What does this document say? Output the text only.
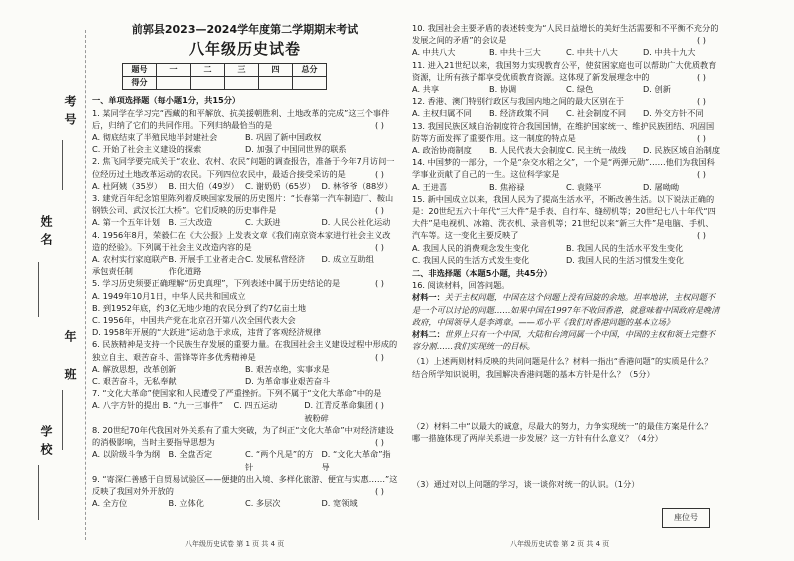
考号
姓名
年
班
学校
前郭县2023—2024学年度第二学期期末考试
八年级历史试卷
题号	一	二	三	四	总分
得分					
一、单项选择题（每小题1分，共15分）
1. 某同学在学习完“西藏的和平解放、抗美援朝胜利、土地改革的完成”这三个事件后，归纳了它们的共同作用。下列归纳最恰当的是	( )
A. 彻底结束了半殖民地半封建社会	B. 巩固了新中国政权
C. 开始了社会主义建设的探索	D. 加强了中国同世界的联系
2. 焦飞同学要完成关于“农业、农村、农民”问题的调查报告，准备于今年7月访问一位经历过土地改革运动的农民。下列四位农民中，最适合接受采访的是	( )
A. 杜阿姨（35岁） B. 田大伯（49岁） C. 谢奶奶（65岁） D. 林爷爷（88岁）
3. 建党百年纪念馆里陈列着反映国家发展的历史图片：“长春第一汽车制造厂、鞍山钢铁公司、武汉长江大桥”。它们反映的历史事件是	( )
A. 第一个五年计划	B. 三大改造	C. 大跃进	D. 人民公社化运动
4. 1956年8月，荣毅仁在《大公报》上发表文章《我们南京资本家进行社会主义改造的经验》。下列属于社会主义改造内容的是	( )
A. 农村实行家庭联产承包责任制
B. 开展手工业者走合作化道路
C. 发展私营经济	D. 成立互助组
5. 学习历史须要正确理解“历史真理”，下列表述中属于历史结论的是	( )
A. 1949年10月1日，中华人民共和国成立
B. 到1952年底，约3亿无地少地的农民分到了约7亿亩土地
C. 1956年，中国共产党在北京召开第八次全国代表大会
D. 1958年开展的“大跃进”运动急于求成，违背了客观经济规律
6. 民族精神是支持一个民族生存发展的重要力量。在我国社会主义建设过程中形成的独立自主、艰苦奋斗、雷锋等许多优秀精神是	( )
A. 解放思想，改革创新	B. 艰苦卓绝，实事求是
C. 艰苦奋斗，无私奉献	D. 为革命事业艰苦奋斗
7. “文化大革命”使国家和人民遭受了严重挫折。下列不属于“文化大革命”中的是
( )
A. 八字方针的提出 B. “九一三事件”	C. 四五运动	D. 江青反革命集团被粉碎
8. 20世纪70年代我国对外关系有了重大突破，为了纠正“文化大革命”中对经济建设的消极影响，当时主要指导思想为	( )
A. 以阶级斗争为纲	B. 全盘否定	C. “两个凡是”的方针
D. “文化大革命”指导
9. “寄深仁善感于自贸易试验区——便捷的出入境、多样化旅游、便宜与实惠……”这反映了我国对外开放的	( )
A. 全方位	B. 立体化	C. 多层次	D. 宽领域
八年级历史试卷 第 1 页 共 4 页
10. 我国社会主要矛盾的表述转变为“人民日益增长的美好生活需要和不平衡不充分的发展之间的矛盾”的会议是	( )
A. 中共八大	B. 中共十三大	C. 中共十八大	D. 中共十九大
11. 进入21世纪以来，我国努力实现教育公平，使贫困家庭也可以帮助广大优质教育资源，让所有孩子都享受优质教育资源。这体现了新发展理念中的	( )
A. 共享	B. 协调	C. 绿色	D. 创新
12. 香港、澳门特别行政区与我国内地之间的最大区别在于	( )
A. 主权归属不同	B. 经济政策不同	C. 社会制度不同	D. 外交方针不同
13. 我国民族区域自治制度符合我国国情，在维护国家统一、维护民族团结、巩固国防等方面发挥了重要作用。这一制度的特点是	( )
A. 政治协商制度	B. 人民代表大会制度 C. 民主统一战线	D. 民族区域自治制度
14. 中国梦的一部分，一个是“杂交水稻之父”，一个是“两弹元勋”……他们为我国科学事业贡献了自己的一生。这位科学家是	( )
A. 王进喜	B. 焦裕禄	C. 袁隆平	D. 屠呦呦
15. 新中国成立以来，我国人民为了提高生活水平，不断改善生活。以下说法正确的是：20世纪五六十年代“三大件”是手表、自行车、缝纫机等；20世纪七八十年代“四大件”是电视机、冰箱、洗衣机、录音机等；21世纪以来“新三大件”是电脑、手机、汽车等。这一变化主要反映了	( )
A. 我国人民的消费观念发生变化	B. 我国人民的生活水平发生变化
C. 我国人民的生活方式发生变化	D. 我国人民的生活习惯发生变化
二、非选择题（本题5小题，共45分）
16. 阅读材料，回答问题。
材料一：关于主权问题，中国在这个问题上没有回旋的余地。坦率地讲，主权问题不是一个可以讨论的问题……如果中国在1997年不收回香港，就意味着中国政府是晚清政府，中国领导人是李鸿章。——邓小平《我们对香港问题的基本立场》
材料二：世界上只有一个中国，大陆和台湾同属一个中国，中国的主权和领土完整不容分割……我们实现统一的目标。
（1）上述两则材料反映的共同问题是什么？材料一指出“香港问题”的实质是什么？结合所学知识说明，我国解决香港问题的基本方针是什么？（5分）
（2）材料二中“以最大的诚意，尽最大的努力，力争实现统一”的最佳方案是什么？哪一措施体现了两岸关系进一步发展？这一方针有什么意义？（4分）
（3）通过对以上问题的学习，谈一谈你对统一的认识。（1分）
八年级历史试卷 第 2 页 共 4 页
座位号
